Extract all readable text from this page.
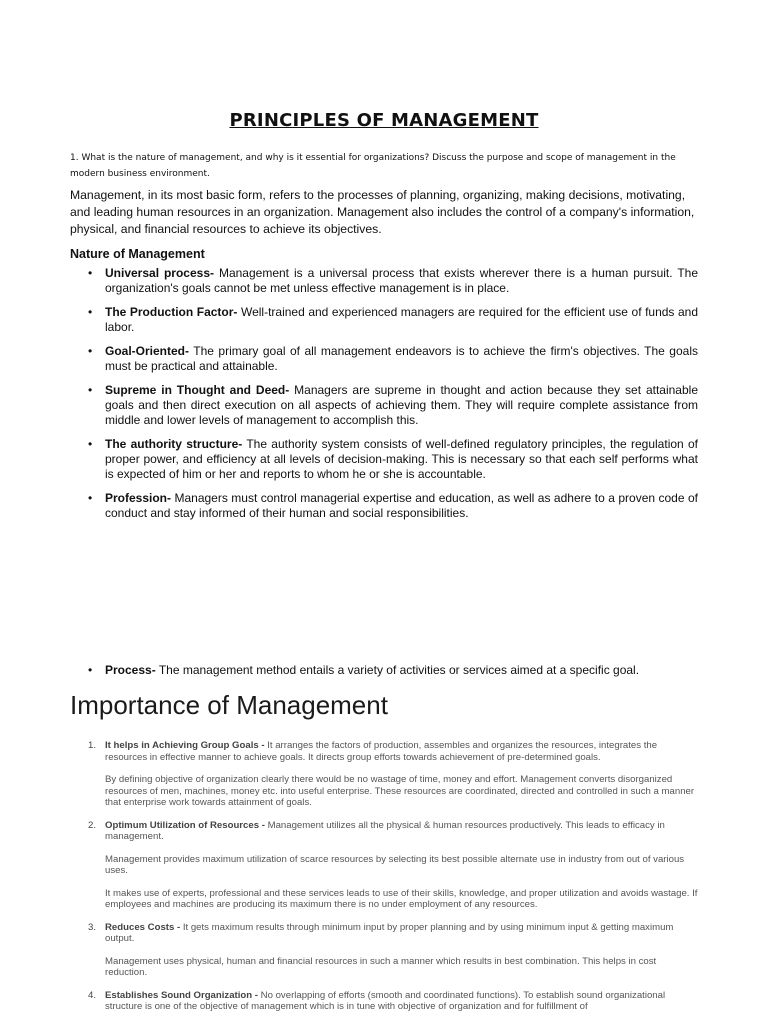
PRINCIPLES OF MANAGEMENT

1. What is the nature of management, and why is it essential for organizations? Discuss the purpose and scope of management in the modern business environment.

Management, in its most basic form, refers to the processes of planning, organizing, making decisions, motivating, and leading human resources in an organization. Management also includes the control of a company's information, physical, and financial resources to achieve its objectives.

Nature of Management
• Universal process- Management is a universal process that exists wherever there is a human pursuit. The organization's goals cannot be met unless effective management is in place.
• The Production Factor- Well-trained and experienced managers are required for the efficient use of funds and labor.
• Goal-Oriented- The primary goal of all management endeavors is to achieve the firm's objectives. The goals must be practical and attainable.
• Supreme in Thought and Deed- Managers are supreme in thought and action because they set attainable goals and then direct execution on all aspects of achieving them. They will require complete assistance from middle and lower levels of management to accomplish this.
• The authority structure- The authority system consists of well-defined regulatory principles, the regulation of proper power, and efficiency at all levels of decision-making. This is necessary so that each self performs what is expected of him or her and reports to whom he or she is accountable.
• Profession- Managers must control managerial expertise and education, as well as adhere to a proven code of conduct and stay informed of their human and social responsibilities.
• Process- The management method entails a variety of activities or services aimed at a specific goal.
Importance of Management
1. It helps in Achieving Group Goals - It arranges the factors of production, assembles and organizes the resources, integrates the resources in effective manner to achieve goals. It directs group efforts towards achievement of pre-determined goals.

By defining objective of organization clearly there would be no wastage of time, money and effort. Management converts disorganized resources of men, machines, money etc. into useful enterprise. These resources are coordinated, directed and controlled in such a manner that enterprise work towards attainment of goals.

2. Optimum Utilization of Resources - Management utilizes all the physical & human resources productively. This leads to efficacy in management.

Management provides maximum utilization of scarce resources by selecting its best possible alternate use in industry from out of various uses.

It makes use of experts, professional and these services leads to use of their skills, knowledge, and proper utilization and avoids wastage. If employees and machines are producing its maximum there is no under employment of any resources.

3. Reduces Costs - It gets maximum results through minimum input by proper planning and by using minimum input & getting maximum output.

Management uses physical, human and financial resources in such a manner which results in best combination. This helps in cost reduction.

4. Establishes Sound Organization - No overlapping of efforts (smooth and coordinated functions). To establish sound organizational structure is one of the objective of management which is in tune with objective of organization and for fulfillment of
